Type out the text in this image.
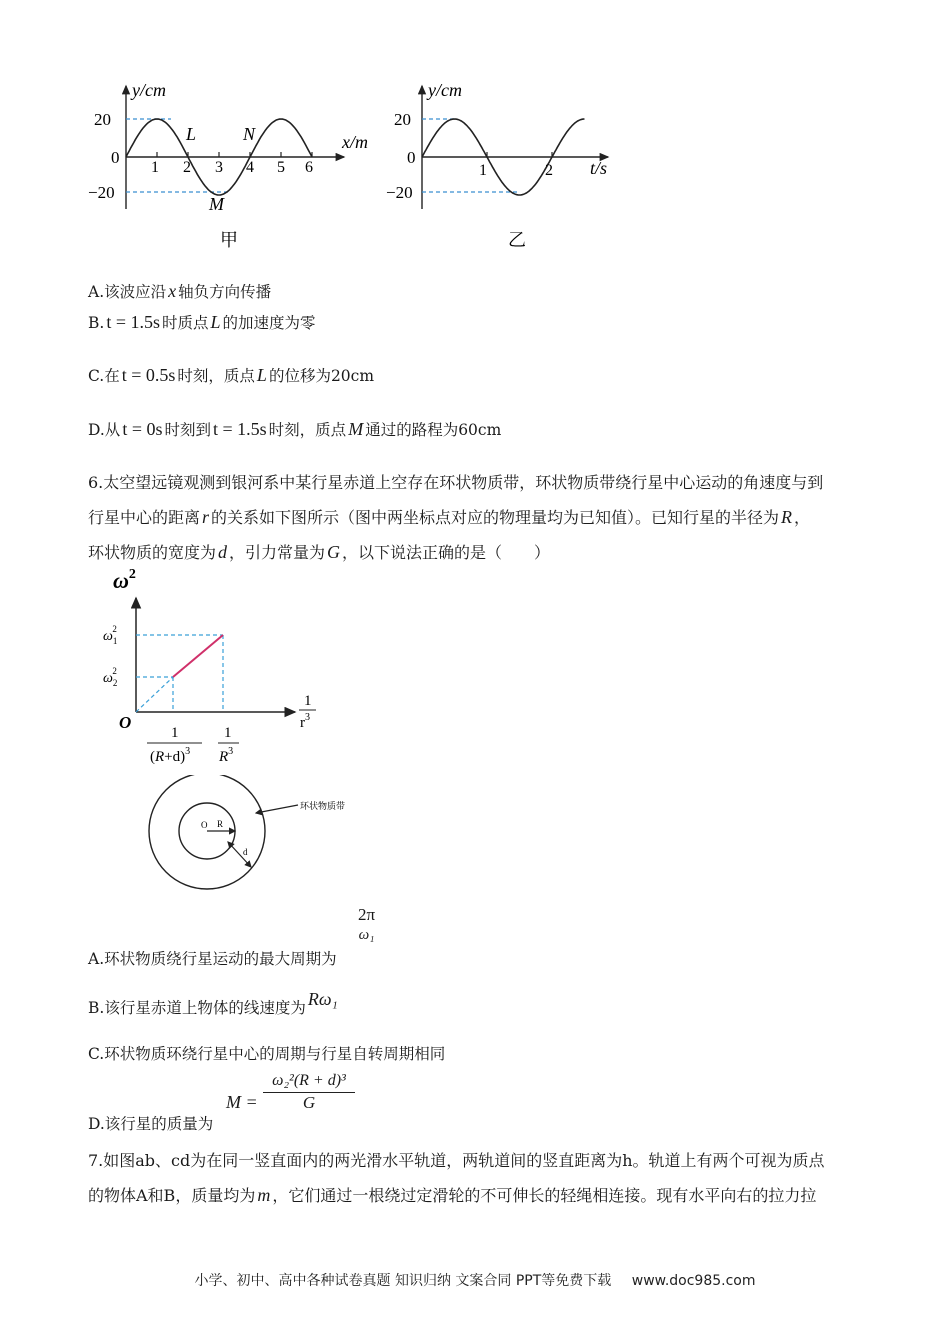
y/cm
x/m
20
0
−20
1 2 3 4 5 6
L
M
N
甲
y/cm
t/s
20
0
−20
1	2
乙
A.该波应沿 x 轴负方向传播
B. t = 1.5s 时质点 L 的加速度为零
C.在 t = 0.5s 时刻，质点 L 的位移为20cm
D.从 t = 0s 时刻到 t = 1.5s 时刻，质点 M 通过的路程为60cm
6.太空望远镜观测到银河系中某行星赤道上空存在环状物质带，环状物质带绕行星中心运动的角速度与到
行星中心的距离 r 的关系如下图所示（图中两坐标点对应的物理量均为已知值）。已知行星的半径为 R ，
环状物质的宽度为 d ，引力常量为 G ，以下说法正确的是（　　）
$\omega^2$
$\omega_12$
$\omega_22$
O
1
$r^3$
1
$(R+d)^3$
1
$R^3$
O R
d
环状物质带
A.环状物质绕行星运动的最大周期为
2π
ω₁
B.该行星赤道上物体的线速度为 Rω₁
C.环状物质环绕行星中心的周期与行星自转周期相同
D.该行星的质量为
M =
ω₂²(R + d)³
G
7.如图ab、cd为在同一竖直面内的两光滑水平轨道，两轨道间的竖直距离为h。轨道上有两个可视为质点
的物体A和B，质量均为 m ，它们通过一根绕过定滑轮的不可伸长的轻绳相连接。现有水平向右的拉力拉
小学、初中、高中各种试卷真题 知识归纳 文案合同 PPT等免费下载 www.doc985.com
